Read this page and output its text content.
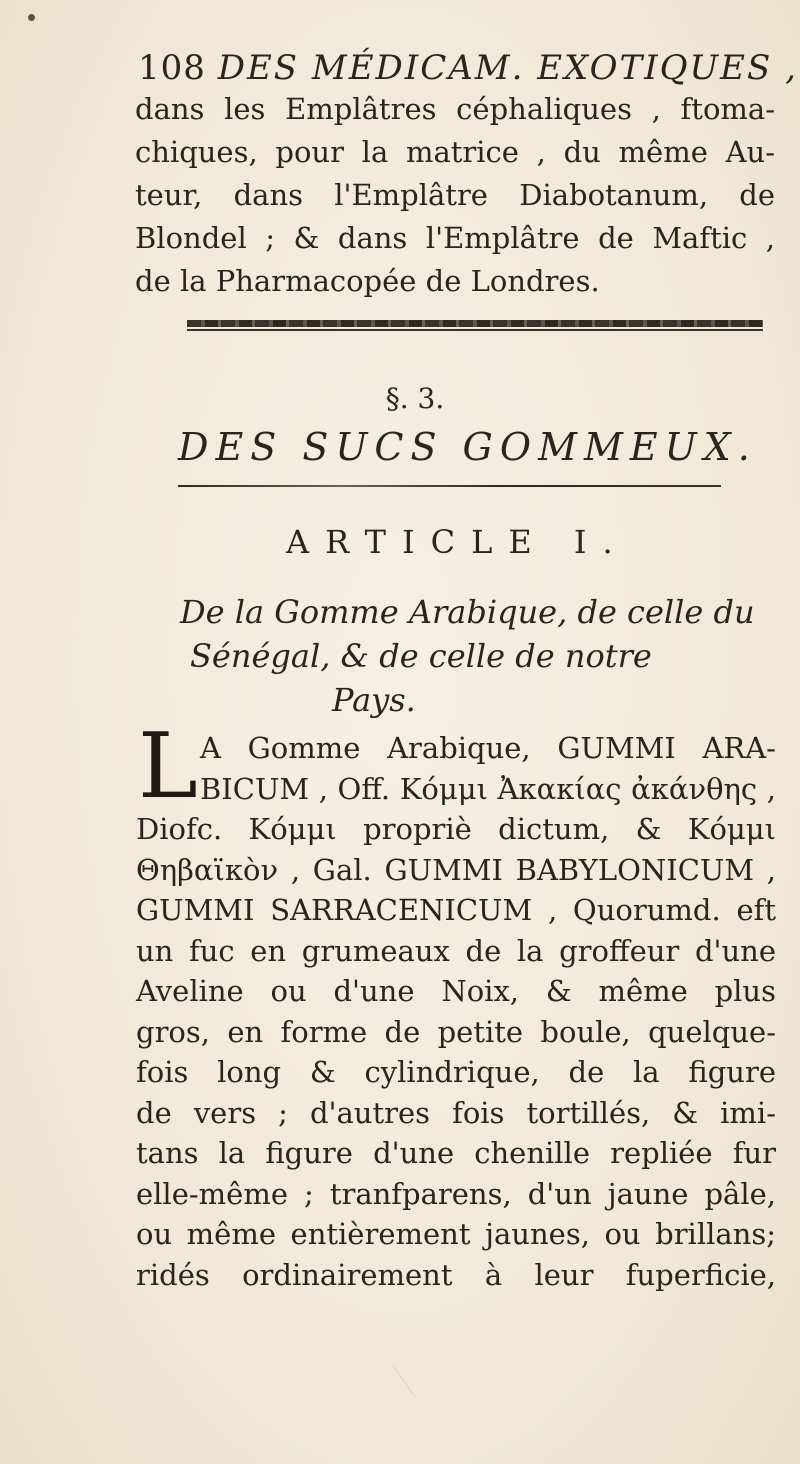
108 DES MÉDICAM. EXOTIQUES ,
dans les Emplâtres céphaliques , ftoma-
chiques, pour la matrice , du même Au-
teur, dans l'Emplâtre Diabotanum, de
Blondel ; & dans l'Emplâtre de Maftic ,
de la Pharmacopée de Londres.
§. 3.
DES SUCS GOMMEUX.
ARTICLE I.
De la Gomme Arabique, de celle du
Sénégal, & de celle de notre
Pays.
L A Gomme Arabique, GUMMI ARA-
BICUM , Off. Κόμμι Ἀκακίας ἀκάνθης ,
Diofc. Κόμμι propriè dictum, & Κόμμι
Θηβαϊκὸν , Gal. GUMMI BABYLONICUM ,
GUMMI SARRACENICUM , Quorumd. eft
un fuc en grumeaux de la groffeur d'une
Aveline ou d'une Noix, & même plus
gros, en forme de petite boule, quelque-
fois long & cylindrique, de la figure
de vers ; d'autres fois tortillés, & imi-
tans la figure d'une chenille repliée fur
elle-même ; tranfparens, d'un jaune pâle,
ou même entièrement jaunes, ou brillans;
ridés ordinairement à leur fuperficie,
